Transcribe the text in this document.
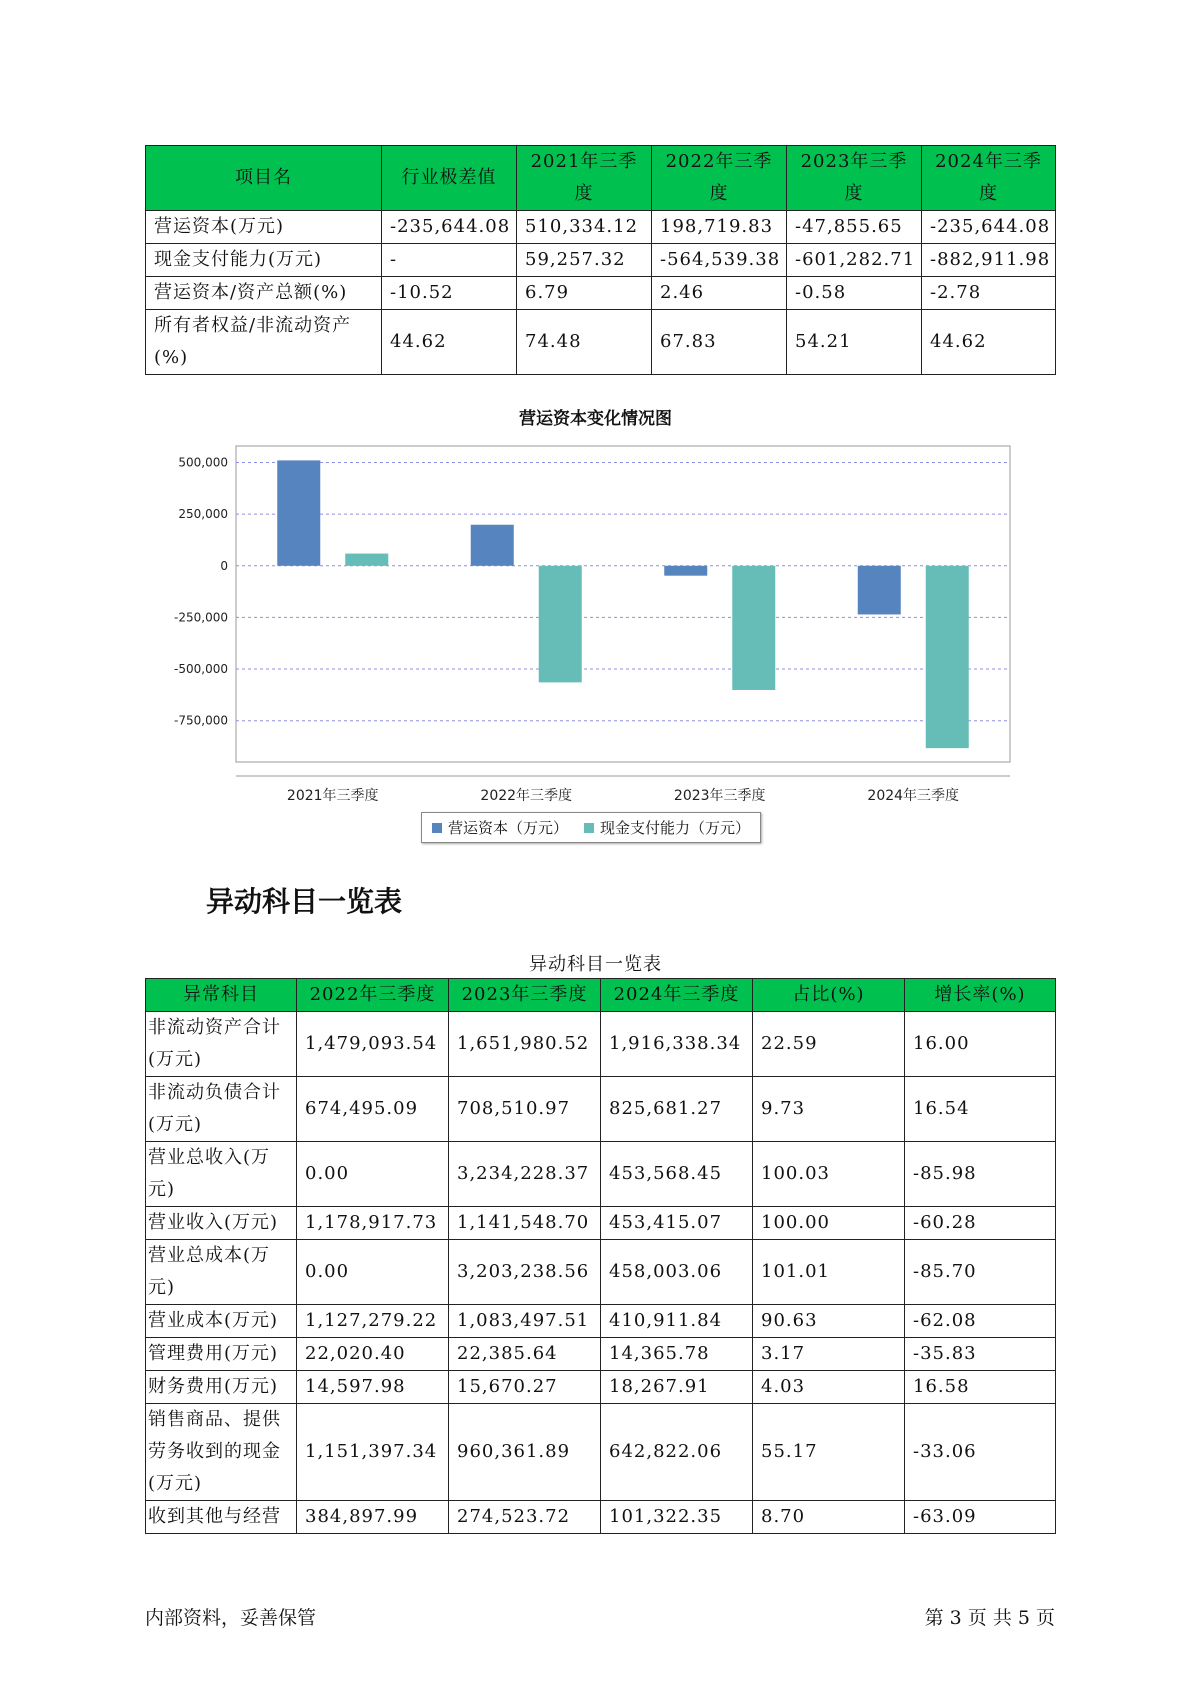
项目名	行业极差值	2021年三季度	2022年三季度	2023年三季度	2024年三季度
营运资本(万元)	-235,644.08	510,334.12	198,719.83	-47,855.65	-235,644.08
现金支付能力(万元)	-	59,257.32	-564,539.38	-601,282.71	-882,911.98
营运资本/资产总额(%)	-10.52	6.79	2.46	-0.58	-2.78
所有者权益/非流动资产(%)	44.62	74.48	67.83	54.21	44.62
营运资本变化情况图
500,000
250,000
0
-250,000
-500,000
-750,000
2021年三季度	2022年三季度	2023年三季度	2024年三季度
营运资本（万元） 现金支付能力（万元）
异动科目一览表
异动科目一览表
异常科目	2022年三季度	2023年三季度	2024年三季度	占比(%)	增长率(%)
非流动资产合计(万元)	1,479,093.54	1,651,980.52	1,916,338.34	22.59	16.00
非流动负债合计(万元)	674,495.09	708,510.97	825,681.27	9.73	16.54
营业总收入(万元)	0.00	3,234,228.37	453,568.45	100.03	-85.98
营业收入(万元)	1,178,917.73	1,141,548.70	453,415.07	100.00	-60.28
营业总成本(万元)	0.00	3,203,238.56	458,003.06	101.01	-85.70
营业成本(万元)	1,127,279.22	1,083,497.51	410,911.84	90.63	-62.08
管理费用(万元)	22,020.40	22,385.64	14,365.78	3.17	-35.83
财务费用(万元)	14,597.98	15,670.27	18,267.91	4.03	16.58
销售商品、提供劳务收到的现金(万元)	1,151,397.34	960,361.89	642,822.06	55.17	-33.06
收到其他与经营	384,897.99	274,523.72	101,322.35	8.70	-63.09
内部资料，妥善保管	第 3 页 共 5 页
